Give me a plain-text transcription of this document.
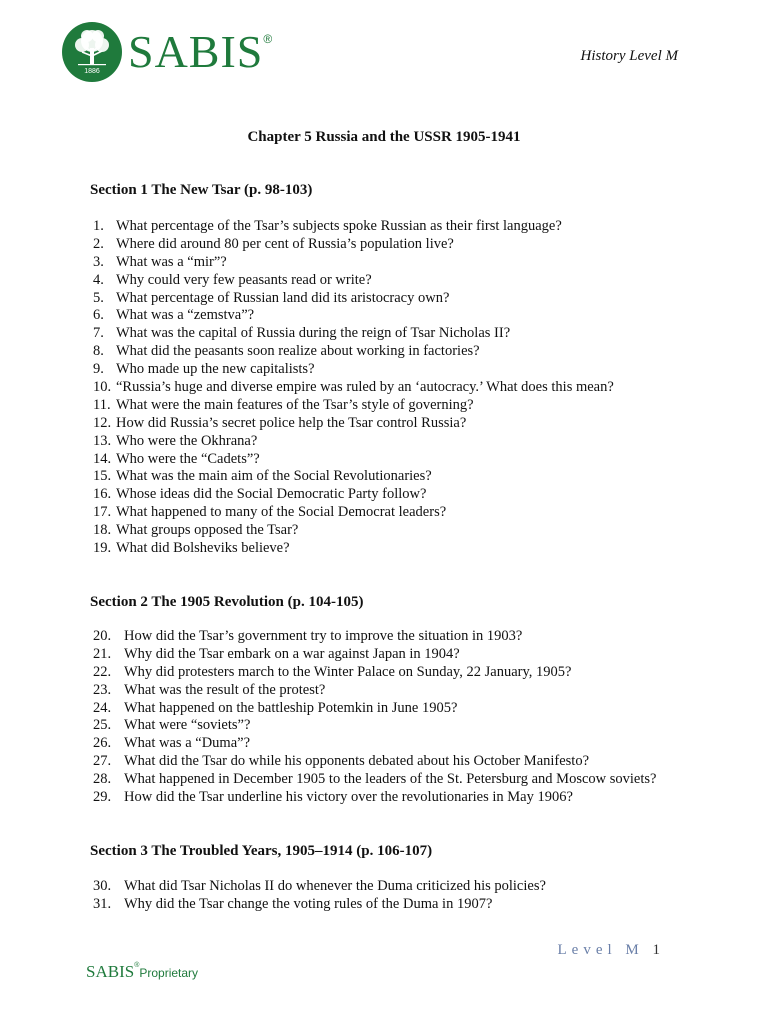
1886 SABIS®
History Level M
Chapter 5 Russia and the USSR 1905-1941
Section 1 The New Tsar (p. 98-103)
1. What percentage of the Tsar’s subjects spoke Russian as their first language?
2. Where did around 80 per cent of Russia’s population live?
3. What was a “mir”?
4. Why could very few peasants read or write?
5. What percentage of Russian land did its aristocracy own?
6. What was a “zemstva”?
7. What was the capital of Russia during the reign of Tsar Nicholas II?
8. What did the peasants soon realize about working in factories?
9. Who made up the new capitalists?
10. “Russia’s huge and diverse empire was ruled by an ‘autocracy.’ What does this mean?
11. What were the main features of the Tsar’s style of governing?
12. How did Russia’s secret police help the Tsar control Russia?
13. Who were the Okhrana?
14. Who were the “Cadets”?
15. What was the main aim of the Social Revolutionaries?
16. Whose ideas did the Social Democratic Party follow?
17. What happened to many of the Social Democrat leaders?
18. What groups opposed the Tsar?
19. What did Bolsheviks believe?
Section 2 The 1905 Revolution (p. 104-105)
20. How did the Tsar’s government try to improve the situation in 1903?
21. Why did the Tsar embark on a war against Japan in 1904?
22. Why did protesters march to the Winter Palace on Sunday, 22 January, 1905?
23. What was the result of the protest?
24. What happened on the battleship Potemkin in June 1905?
25. What were “soviets”?
26. What was a “Duma”?
27. What did the Tsar do while his opponents debated about his October Manifesto?
28. What happened in December 1905 to the leaders of the St. Petersburg and Moscow soviets?
29. How did the Tsar underline his victory over the revolutionaries in May 1906?
Section 3 The Troubled Years, 1905–1914 (p. 106-107)
30. What did Tsar Nicholas II do whenever the Duma criticized his policies?
31. Why did the Tsar change the voting rules of the Duma in 1907?
Level M 1
SABIS®Proprietary
